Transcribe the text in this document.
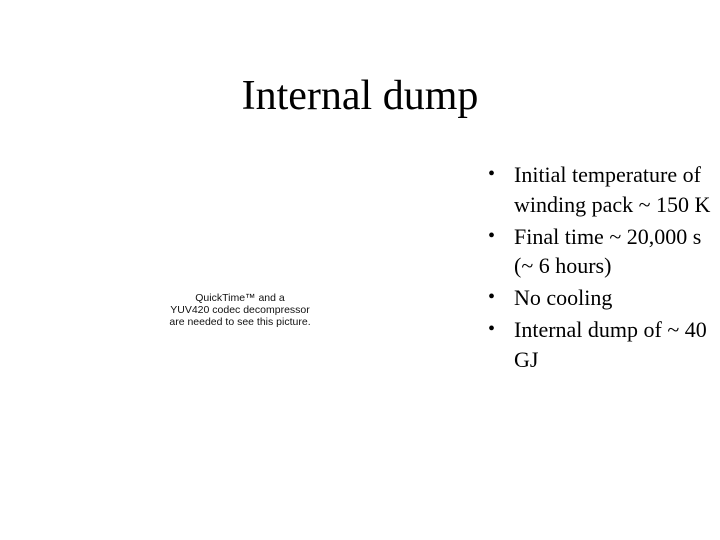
Internal dump
QuickTime™ and a
YUV420 codec decompressor
are needed to see this picture.
• Initial temperature of winding pack ~ 150 K
• Final time ~ 20,000 s (~ 6 hours)
• No cooling
• Internal dump of ~ 40 GJ
